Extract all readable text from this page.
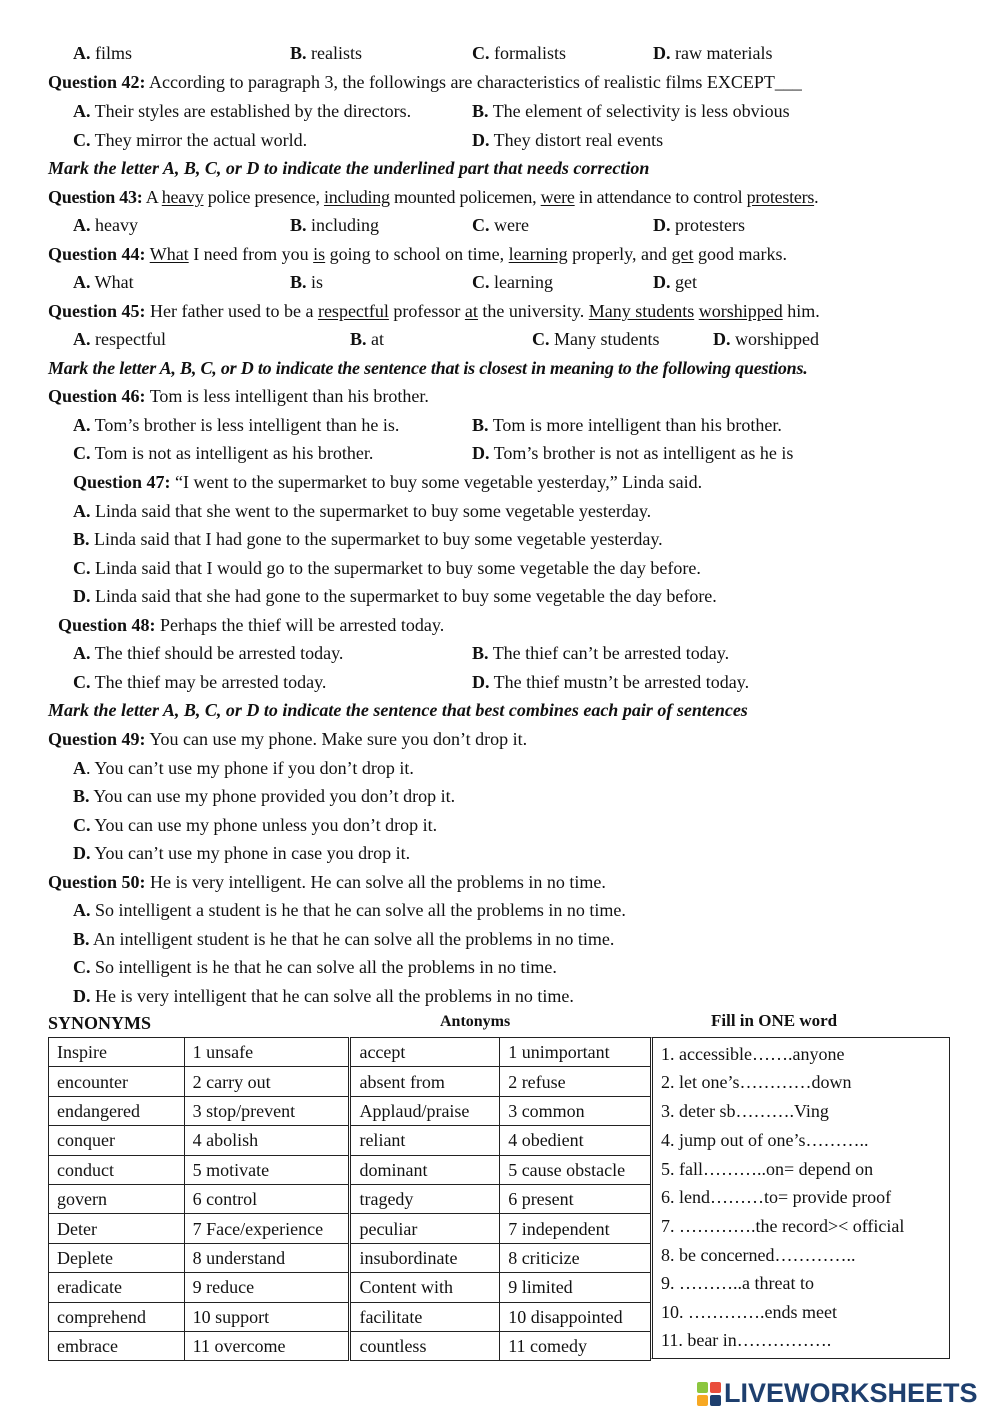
A. films	B. realists	C. formalists	D. raw materials
Question 42: According to paragraph 3, the followings are characteristics of realistic films EXCEPT___
A. Their styles are established by the directors.	B. The element of selectivity is less obvious
C. They mirror the actual world.	D. They distort real events
Mark the letter A, B, C, or D to indicate the underlined part that needs correction
Question 43: A heavy police presence, including mounted policemen, were in attendance to control protesters.
A. heavy	B. including	C. were	D. protesters
Question 44: What I need from you is going to school on time, learning properly, and get good marks.
A. What	B. is	C. learning	D. get
Question 45: Her father used to be a respectful professor at the university. Many students worshipped him.
A. respectful	B. at	C. Many students	D. worshipped
Mark the letter A, B, C, or D to indicate the sentence that is closest in meaning to the following questions.
Question 46: Tom is less intelligent than his brother.
A. Tom’s brother is less intelligent than he is.	B. Tom is more intelligent than his brother.
C. Tom is not as intelligent as his brother.	D. Tom’s brother is not as intelligent as he is
Question 47: “I went to the supermarket to buy some vegetable yesterday,” Linda said.
A. Linda said that she went to the supermarket to buy some vegetable yesterday.
B. Linda said that I had gone to the supermarket to buy some vegetable yesterday.
C. Linda said that I would go to the supermarket to buy some vegetable the day before.
D. Linda said that she had gone to the supermarket to buy some vegetable the day before.
Question 48: Perhaps the thief will be arrested today.
A. The thief should be arrested today.	B. The thief can’t be arrested today.
C. The thief may be arrested today.	D. The thief mustn’t be arrested today.
Mark the letter A, B, C, or D to indicate the sentence that best combines each pair of sentences
Question 49: You can use my phone. Make sure you don’t drop it.
A. You can’t use my phone if you don’t drop it.
B. You can use my phone provided you don’t drop it.
C. You can use my phone unless you don’t drop it.
D. You can’t use my phone in case you drop it.
Question 50: He is very intelligent. He can solve all the problems in no time.
A. So intelligent a student is he that he can solve all the problems in no time.
B. An intelligent student is he that he can solve all the problems in no time.
C. So intelligent is he that he can solve all the problems in no time.
D. He is very intelligent that he can solve all the problems in no time.
SYNONYMS	Antonyms	Fill in ONE word
Inspire	1 unsafe	accept	1 unimportant
encounter	2 carry out	absent from	2 refuse
endangered	3 stop/prevent	Applaud/praise	3 common
conquer	4 abolish	reliant	4 obedient
conduct	5 motivate	dominant	5 cause obstacle
govern	6 control	tragedy	6 present
Deter	7 Face/experience	peculiar	7 independent
Deplete	8 understand	insubordinate	8 criticize
eradicate	9 reduce	Content with	9 limited
comprehend	10 support	facilitate	10 disappointed
embrace	11 overcome	countless	11 comedy
1. accessible…….anyone
2. let one’s…………down
3. deter sb……….Ving
4. jump out of one’s………..
5. fall………..on= depend on
6. lend………to= provide proof
7. ………….the record>< official
8. be concerned…………..
9. ………..a threat to
10. ………….ends meet
11. bear in…………….
LIVEWORKSHEETS
